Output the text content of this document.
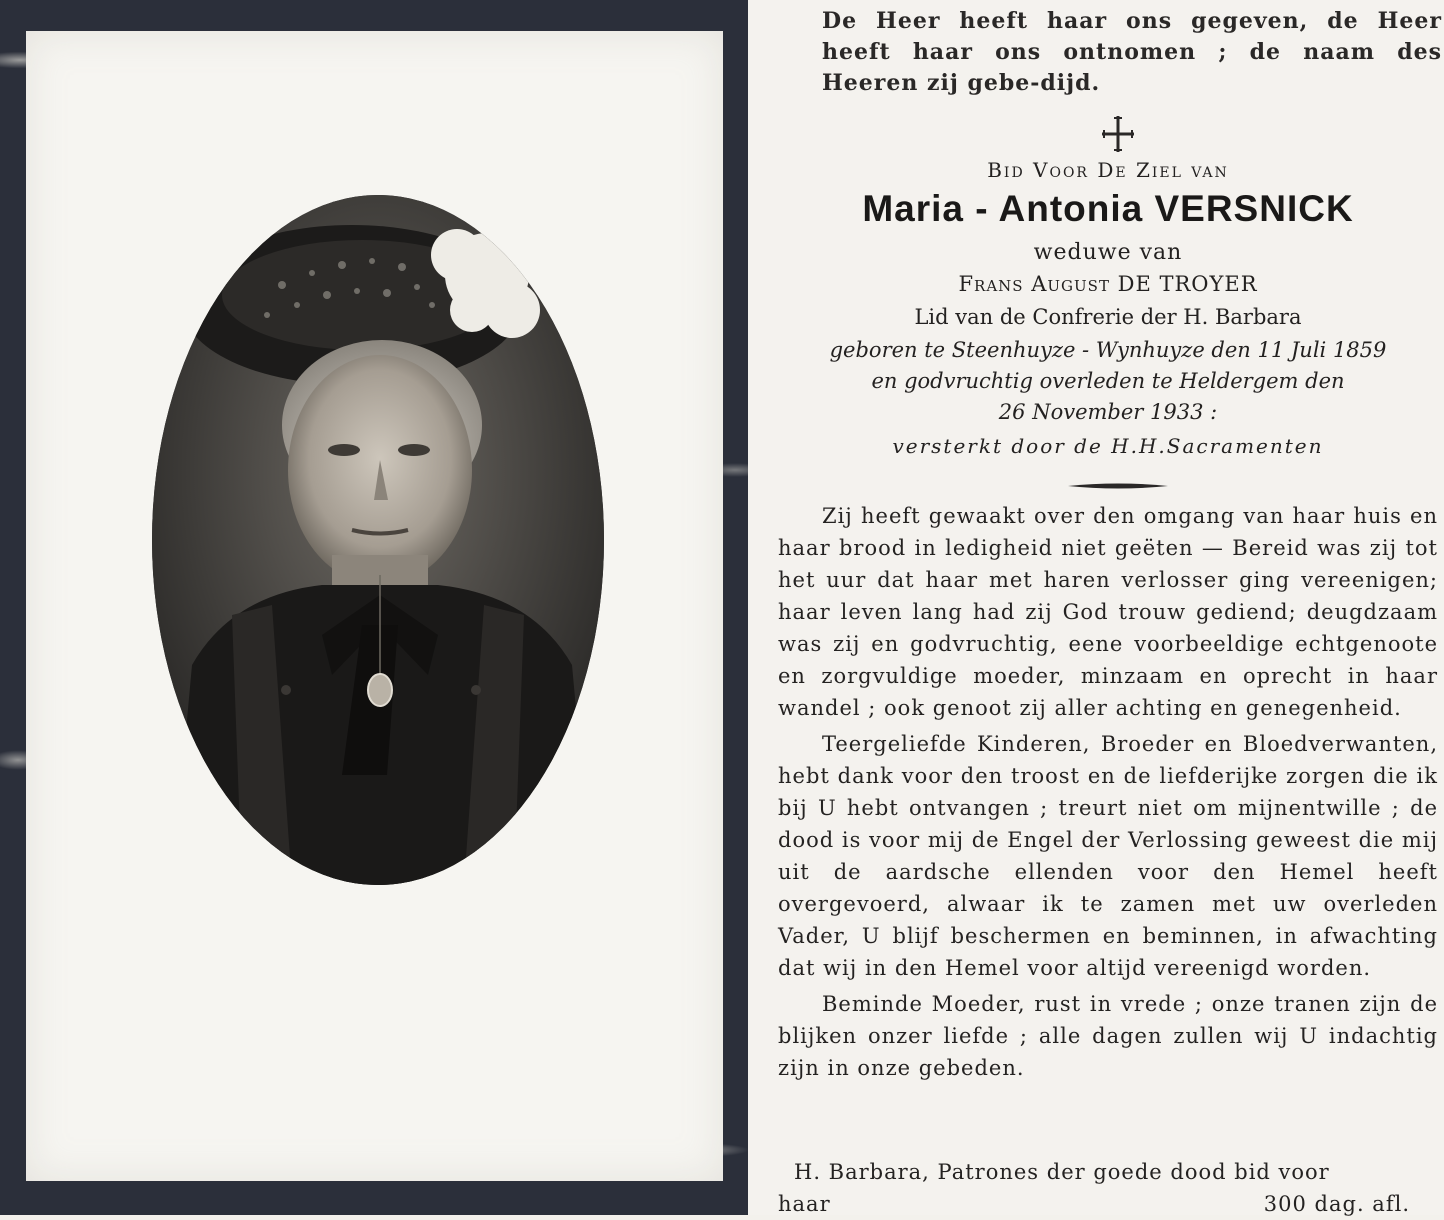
De Heer heeft haar ons gegeven, de Heer heeft haar ons ontnomen ; de naam des Heeren zij gebe-dijd.
Bid Voor De Ziel van
Maria - Antonia VERSNICK
weduwe van
Frans August DE TROYER
Lid van de Confrerie der H. Barbara
geboren te Steenhuyze - Wynhuyze den 11 Juli 1859
en godvruchtig overleden te Heldergem den
26 November 1933 :
versterkt door de H.H.Sacramenten

Zij heeft gewaakt over den omgang van haar huis en haar brood in ledigheid niet geëten — Bereid was zij tot het uur dat haar met haren verlosser ging vereenigen; haar leven lang had zij God trouw gediend; deugdzaam was zij en godvruchtig, eene voorbeeldige echtgenoote en zorgvuldige moeder, minzaam en oprecht in haar wandel ; ook genoot zij aller achting en genegenheid.

Teergeliefde Kinderen, Broeder en Bloedverwanten, hebt dank voor den troost en de liefderijke zorgen die ik bij U hebt ontvangen ; treurt niet om mijnentwille ; de dood is voor mij de Engel der Verlossing geweest die mij uit de aardsche ellenden voor den Hemel heeft overgevoerd, alwaar ik te zamen met uw overleden Vader, U blijf beschermen en beminnen, in afwachting dat wij in den Hemel voor altijd vereenigd worden.

Beminde Moeder, rust in vrede ; onze tranen zijn de blijken onzer liefde ; alle dagen zullen wij U indachtig zijn in onze gebeden.

H. Barbara, Patrones der goede dood bid voor
haar	300 dag. afl.
